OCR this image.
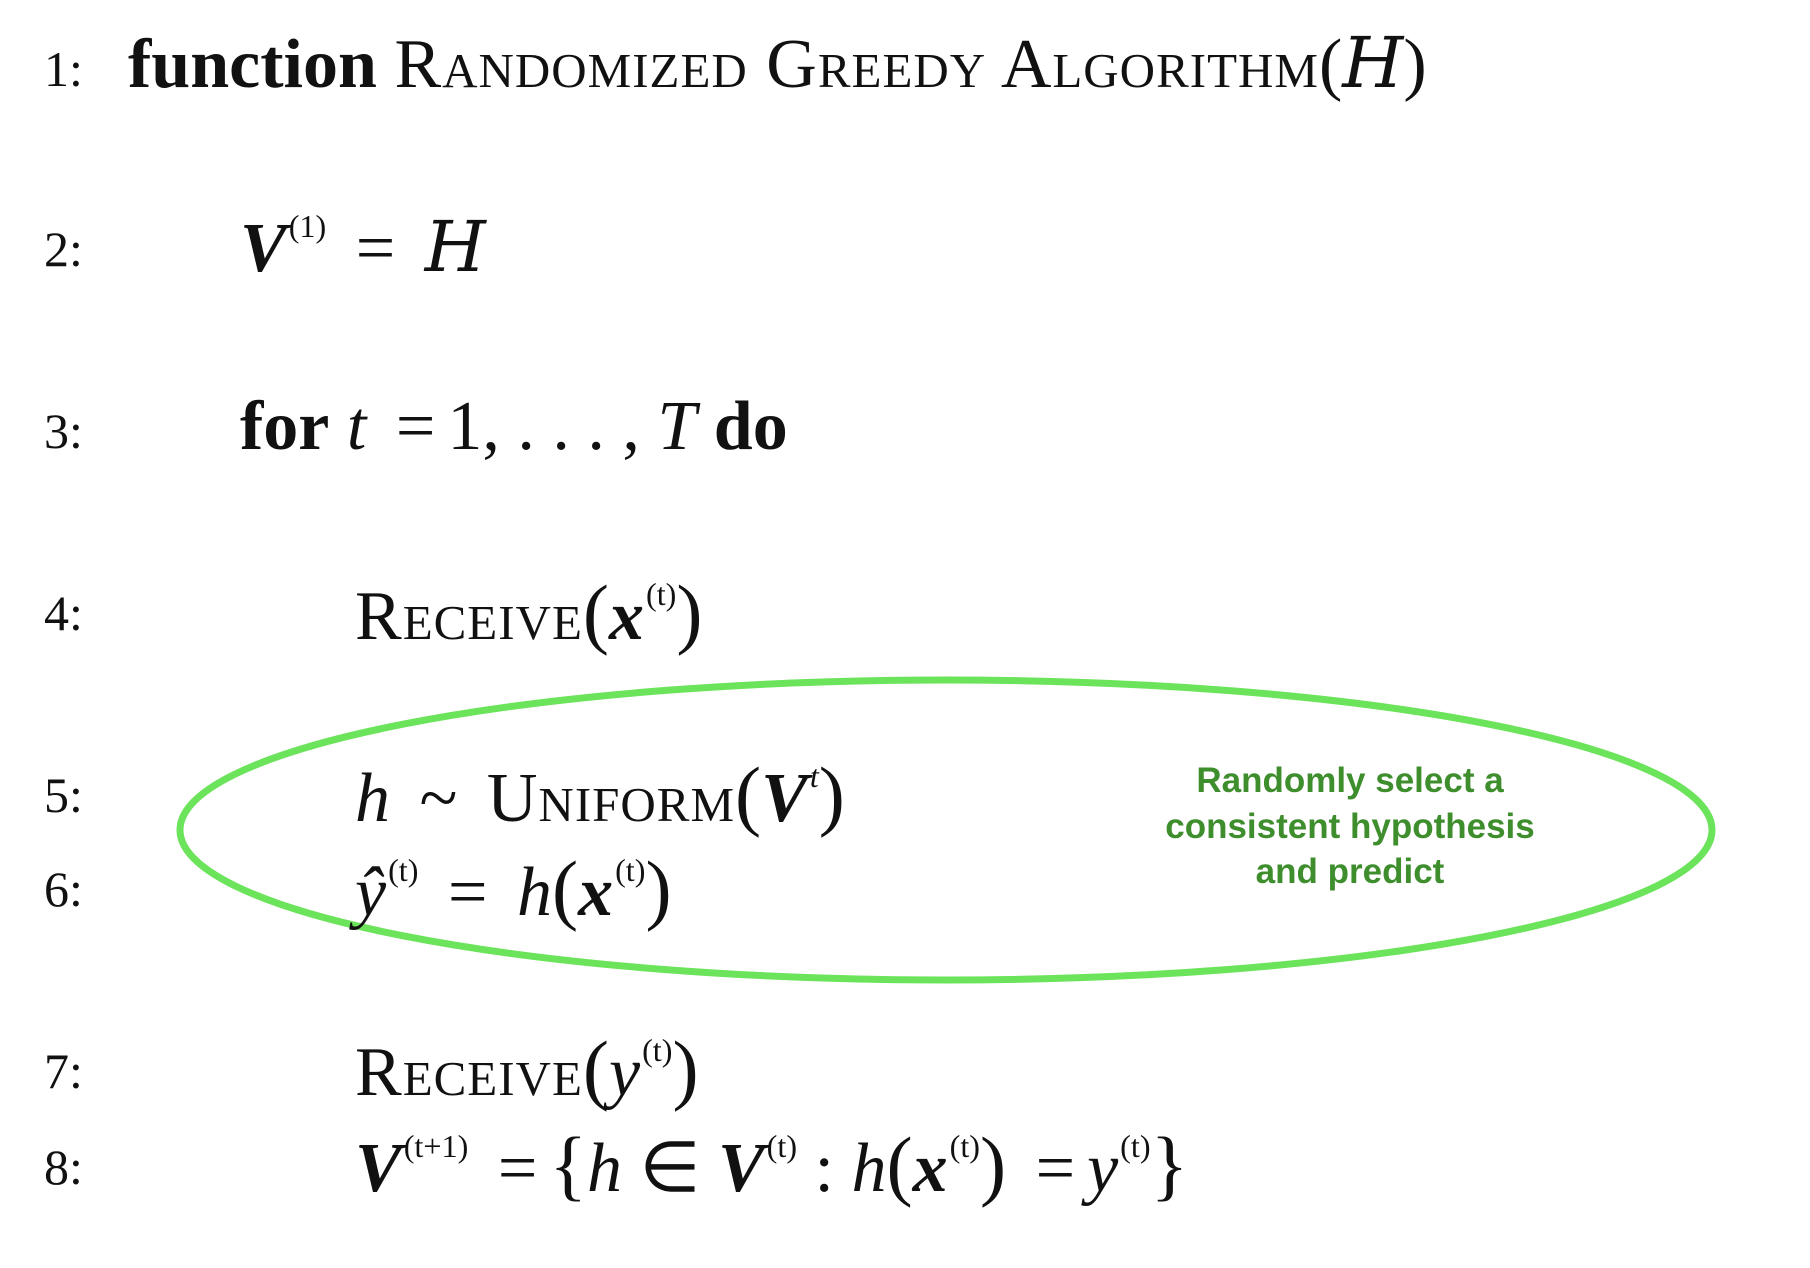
1: function Randomized Greedy Algorithm(H)
2: $V^{(1)} = H$
3: for t = 1, . . . , T do
4:	$Receive(x^{(t)})$
5:	h ~ $Uniform(V^t)$
6:	$ŷ^{(t)} = h(x^{(t)})$
Randomly select a
consistent hypothesis
and predict
7:	$Receive(y^{(t)})$
8:	$V^{(t+1)} = \{h$ ∈ $V^{(t)}$ : $h(x^{(t)}) = y^{(t)}$}
